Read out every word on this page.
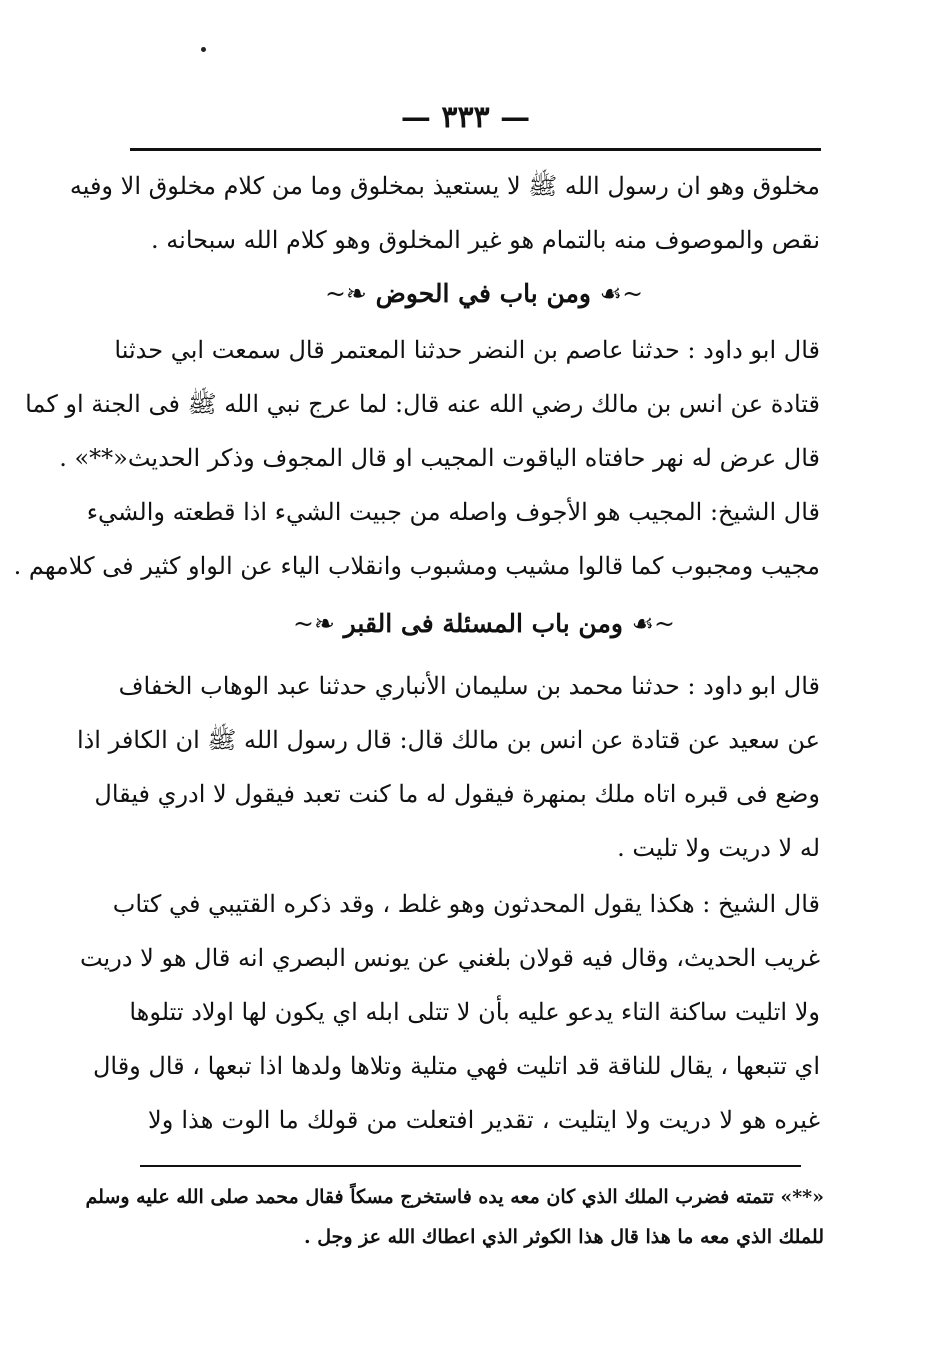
— ٣٣٣ —
مخلوق وهو ان رسول الله ﷺ لا يستعيذ بمخلوق وما من كلام مخلوق الا وفيه
نقص والموصوف منه بالتمام هو غير المخلوق وهو كلام الله سبحانه .
~☙ ومن باب في الحوض ❧~
قال ابو داود : حدثنا عاصم بن النضر حدثنا المعتمر قال سمعت ابي حدثنا
قتادة عن انس بن مالك رضي الله عنه قال: لما عرج نبي الله ﷺ فى الجنة او كما
قال عرض له نهر حافتاه الياقوت المجيب او قال المجوف وذكر الحديث«**» .
قال الشيخ: المجيب هو الأجوف واصله من جبيت الشيء اذا قطعته والشيء
مجيب ومجبوب كما قالوا مشيب ومشبوب وانقلاب الياء عن الواو كثير فى كلامهم .
~☙ ومن باب المسئلة فى القبر ❧~
قال ابو داود : حدثنا محمد بن سليمان الأنباري حدثنا عبد الوهاب الخفاف
عن سعيد عن قتادة عن انس بن مالك قال: قال رسول الله ﷺ ان الكافر اذا
وضع فى قبره اتاه ملك بمنهرة فيقول له ما كنت تعبد فيقول لا ادري فيقال
له لا دريت ولا تليت .
قال الشيخ : هكذا يقول المحدثون وهو غلط ، وقد ذكره القتيبي في كتاب
غريب الحديث، وقال فيه قولان بلغني عن يونس البصري انه قال هو لا دريت
ولا اتليت ساكنة التاء يدعو عليه بأن لا تتلى ابله اي يكون لها اولاد تتلوها
اي تتبعها ، يقال للناقة قد اتليت فهي متلية وتلاها ولدها اذا تبعها ، قال وقال
غيره هو لا دريت ولا ايتليت ، تقدير افتعلت من قولك ما الوت هذا ولا
«**» تتمته فضرب الملك الذي كان معه يده فاستخرج مسكاً فقال محمد صلى الله عليه وسلم
للملك الذي معه ما هذا قال هذا الكوثر الذي اعطاك الله عز وجل .
